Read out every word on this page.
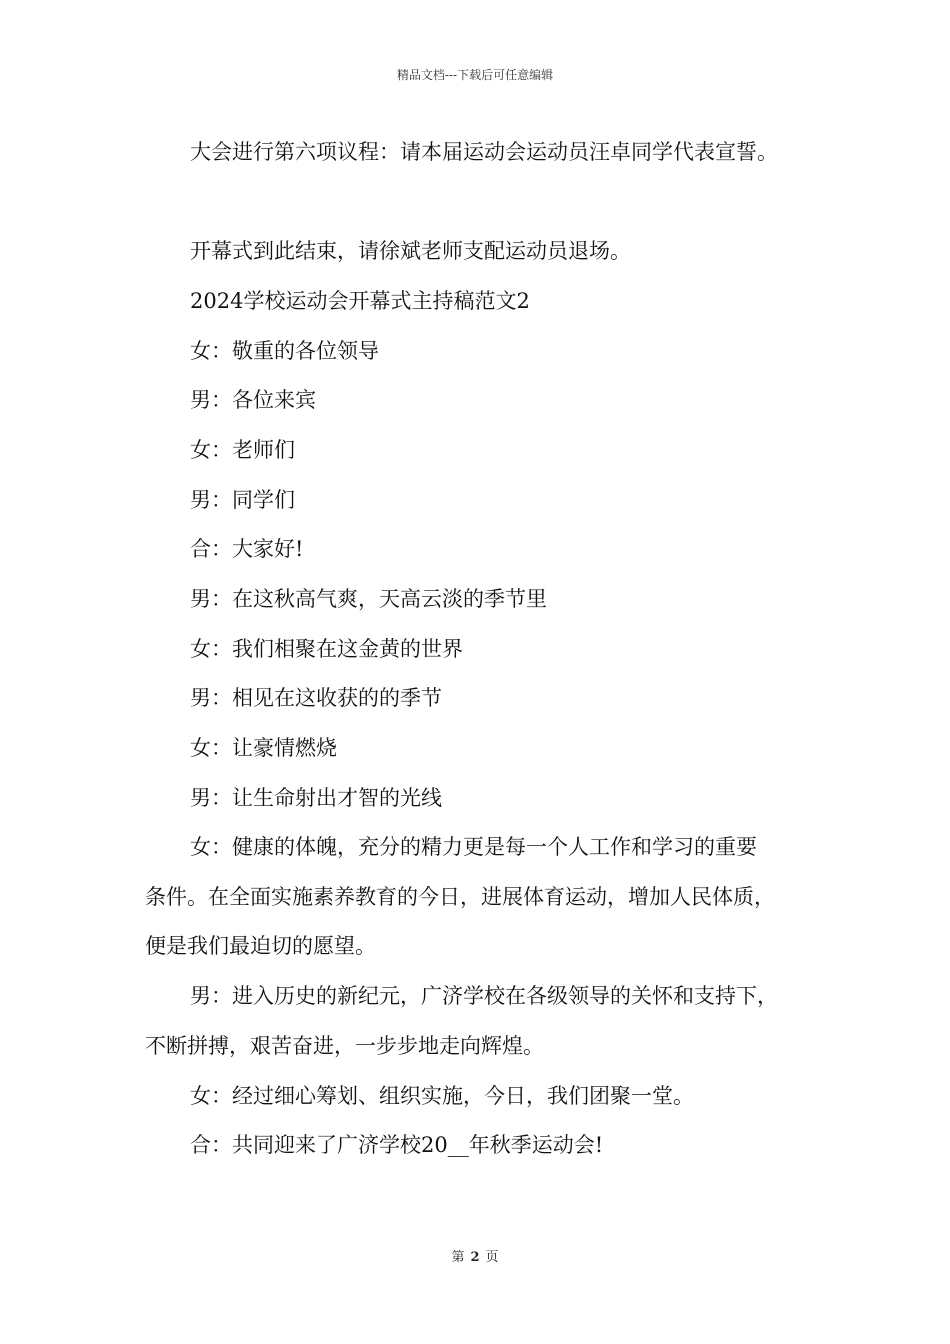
精品文档---下载后可任意编辑
大会进行第六项议程：请本届运动会运动员汪卓同学代表宣誓。
开幕式到此结束，请徐斌老师支配运动员退场。
2024学校运动会开幕式主持稿范文2
女：敬重的各位领导
男：各位来宾
女：老师们
男：同学们
合：大家好!
男：在这秋高气爽，天高云淡的季节里
女：我们相聚在这金黄的世界
男：相见在这收获的的季节
女：让豪情燃烧
男：让生命射出才智的光线
女：健康的体魄，充分的精力更是每一个人工作和学习的重要
条件。在全面实施素养教育的今日，进展体育运动，增加人民体质，
便是我们最迫切的愿望。
男：进入历史的新纪元，广济学校在各级领导的关怀和支持下，
不断拼搏，艰苦奋进，一步步地走向辉煌。
女：经过细心筹划、组织实施，今日，我们团聚一堂。
合：共同迎来了广济学校20__年秋季运动会!
第 2 页
